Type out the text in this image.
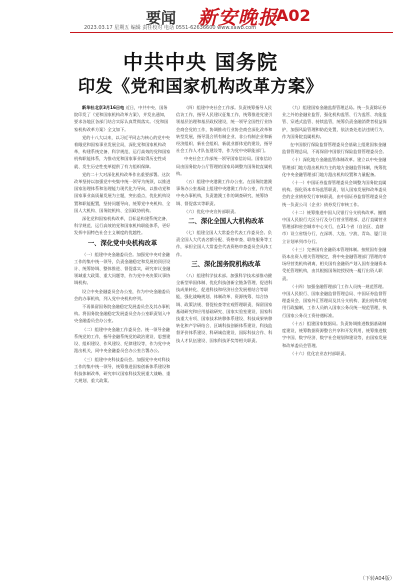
要闻 新安晚报
A02
2023.03.17 星期五 编辑 责任校对 电话 0551-62636600 www.xawb.com
中共中央 国务院
印发《党和国家机构改革方案》

新华社北京3月16日电 近日，中共中央、国务院印发了《党和国家机构改革方案》，并发出通知，要求各地区各部门结合实际认真贯彻落实。《党和国家机构改革方案》全文如下。

党的十八大以来，以习近平同志为核心的党中央着眼党和国家事业发展全局，深化党和国家机构改革，构建系统完备、科学规范、运行高效的党和国家机构职能体系，为推动党和国家事业取得历史性成就、发生历史性变革提供了有力组织保障。

党的二十大对深化机构改革作出重要部署。这次改革坚持以加强党中央集中统一领导为统领，以推进国家治理体系和治理能力现代化为导向，以推动党和国家事业高质量发展为主题，突出重点，优化机构设置和职能配置，坚持问题导向，统筹党中央机构、全国人大机构、国务院机构、全国政协机构。

深化党和国家机构改革，目标是构建系统完备、科学规范、运行高效的党和国家机构职能体系，更好发挥中国特色社会主义制度的优越性。

一、深化党中央机构改革

（一）组建中央金融委员会。加强党中央对金融工作的集中统一领导，负责金融稳定和发展的顶层设计、统筹协调、整体推进、督促落实，研究审议金融领域重大政策、重大问题等，作为党中央决策议事协调机构。

设立中央金融委员会办公室，作为中央金融委员会的办事机构，列入党中央机构序列。

不再保留国务院金融稳定发展委员会及其办事机构。将国务院金融稳定发展委员会办公室职责划入中央金融委员会办公室。

（二）组建中央金融工作委员会。统一领导金融系统党的工作，指导金融系统党的政治建设、思想建设、组织建设、作风建设、纪律建设等，作为党中央派出机关，同中央金融委员会办公室合署办公。

（三）组建中央科技委员会。加强党中央对科技工作的集中统一领导，统筹推进国家创新体系建设和科技体制改革，研究审议国家科技发展重大战略、重大规划、重大政策。

（四）组建中央社会工作部。负责统筹指导人民信访工作，指导人民建议征集工作，统筹推进党建引领基层治理和基层政权建设，统一领导全国性行业协会商会党的工作，协调推动行业协会商会深化改革和转型发展，指导混合所有制企业、非公有制企业和新经济组织、新社会组织、新就业群体党的建设，指导社会工作人才队伍建设等，作为党中央职能部门。

中央社会工作部统一领导国家信访局。国家信访局由国务院办公厅管理的国家局调整为国务院直属机构。

（五）组建中央港澳工作办公室。在国务院港澳事务办公室基础上组建中央港澳工作办公室，作为党中央办事机构，负责港澳工作的调查研究、统筹协调、督促落实等职责。

（六）优化中央宣传部职责。

二、深化全国人大机构改革

（七）组建全国人大常委会代表工作委员会。负责全国人大代表名额分配、资格审查、联络服务等工作，承担全国人大常委会代表资格审查委员会具体工作。

三、深化国务院机构改革

（八）组建科学技术部。加强科学技术部推动健全新型举国体制、优化科技创新全链条管理、促进科技成果转化、促进科技和经济社会发展相结合等职能，强化战略规划、体制改革、资源统筹、综合协调、政策法规、督促检查等宏观管理职责，保留国家基础研究和应用基础研究、国家实验室建设、国家科技重大专项、国家技术转移体系建设、科技成果转移转化和产学研结合、区域科技创新体系建设、科技监督评价体系建设、科研诚信建设、国际科技合作、科技人才队伍建设、国家科技评奖等相关职责。

（九）组建国家金融监督管理总局。统一负责除证券业之外的金融业监管，强化机构监管、行为监管、功能监管、穿透式监管、持续监管，统筹负责金融消费者权益保护，加强风险管理和防范处置，依法查处违法违规行为，作为国务院直属机构。

在中国银行保险监督管理委员会基础上组建国家金融监督管理总局，不再保留中国银行保险监督管理委员会。

（十）深化地方金融监管体制改革。建立以中央金融管理部门地方派出机构为主的地方金融监管体制，统筹优化中央金融管理部门地方派出机构设置和力量配备。

（十一）中国证券监督管理委员会调整为国务院直属机构。强化资本市场监管职责，划入国家发展和改革委员会的企业债券发行审核职责，由中国证券监督管理委员会统一负责公司（企业）债券发行审核工作。

（十二）统筹推进中国人民银行分支机构改革。撤销中国人民银行大区分行及分行营业管理部、总行直属营业管理部和省会城市中心支行，在31个省（自治区、直辖市）设立省级分行，在深圳、大连、宁波、青岛、厦门设立计划单列市分行。

（十三）完善国有金融资本管理体制。按照国有金融资本出资人相关管理规定，将中央金融管理部门管理的市场经营类机构剥离，相关国有金融资产划入国有金融资本受托管理机构，由其根据国务院授权统一履行出资人职责。

（十四）加强金融管理部门工作人员统一规范管理。中国人民银行、国家金融监督管理总局、中国证券监督管理委员会、国家外汇管理局及其分支机构、派出机构均使用行政编制，工作人员纳入国家公务员统一规范管理，执行国家公务员工资待遇标准。

（十五）组建国家数据局。负责协调推进数据基础制度建设，统筹数据资源整合共享和开发利用，统筹推进数字中国、数字经济、数字社会规划和建设等，由国家发展和改革委员会管理。

（十六）优化农业农村部职责。

（下转A04版）
